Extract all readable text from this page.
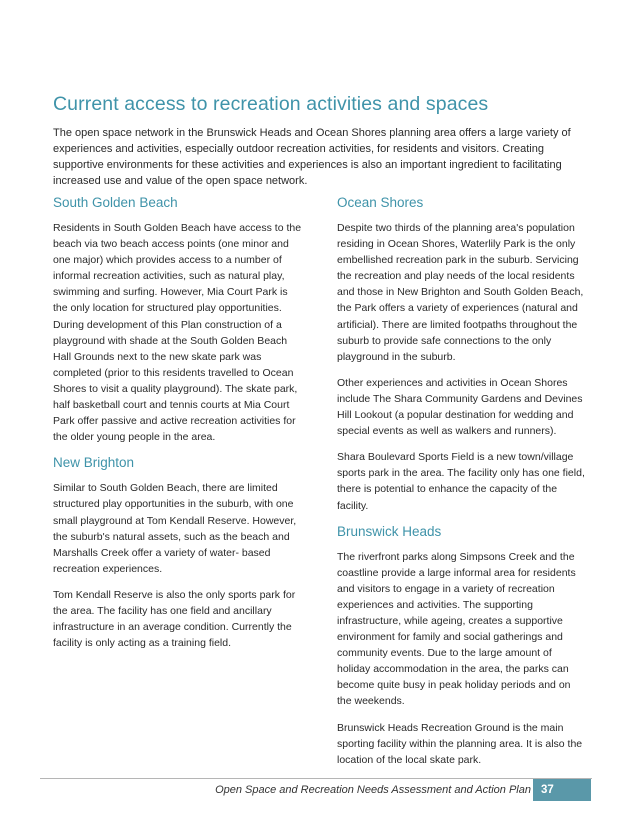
Current access to recreation activities and spaces

The open space network in the Brunswick Heads and Ocean Shores planning area offers a large variety of experiences and activities, especially outdoor recreation activities, for residents and visitors. Creating supportive environments for these activities and experiences is also an important ingredient to facilitating increased use and value of the open space network.

South Golden Beach

Residents in South Golden Beach have access to the beach via two beach access points (one minor and one major) which provides access to a number of informal recreation activities, such as natural play, swimming and surfing. However, Mia Court Park is the only location for structured play opportunities. During development of this Plan construction of a playground with shade at the South Golden Beach Hall Grounds next to the new skate park was completed (prior to this residents travelled to Ocean Shores to visit a quality playground). The skate park, half basketball court and tennis courts at Mia Court Park offer passive and active recreation activities for the older young people in the area.

New Brighton

Similar to South Golden Beach, there are limited structured play opportunities in the suburb, with one small playground at Tom Kendall Reserve. However, the suburb's natural assets, such as the beach and Marshalls Creek offer a variety of water- based recreation experiences.

Tom Kendall Reserve is also the only sports park for the area. The facility has one field and ancillary infrastructure in an average condition. Currently the facility is only acting as a training field.

Ocean Shores

Despite two thirds of the planning area's population residing in Ocean Shores, Waterlily Park is the only embellished recreation park in the suburb. Servicing the recreation and play needs of the local residents and those in New Brighton and South Golden Beach, the Park offers a variety of experiences (natural and artificial). There are limited footpaths throughout the suburb to provide safe connections to the only playground in the suburb.

Other experiences and activities in Ocean Shores include The Shara Community Gardens and Devines Hill Lookout (a popular destination for wedding and special events as well as walkers and runners).

Shara Boulevard Sports Field is a new town/village sports park in the area. The facility only has one field, there is potential to enhance the capacity of the facility.

Brunswick Heads

The riverfront parks along Simpsons Creek and the coastline provide a large informal area for residents and visitors to engage in a variety of recreation experiences and activities. The supporting infrastructure, while ageing, creates a supportive environment for family and social gatherings and community events. Due to the large amount of holiday accommodation in the area, the parks can become quite busy in peak holiday periods and on the weekends.

Brunswick Heads Recreation Ground is the main sporting facility within the planning area. It is also the location of the local skate park.

Open Space and Recreation Needs Assessment and Action Plan 37
